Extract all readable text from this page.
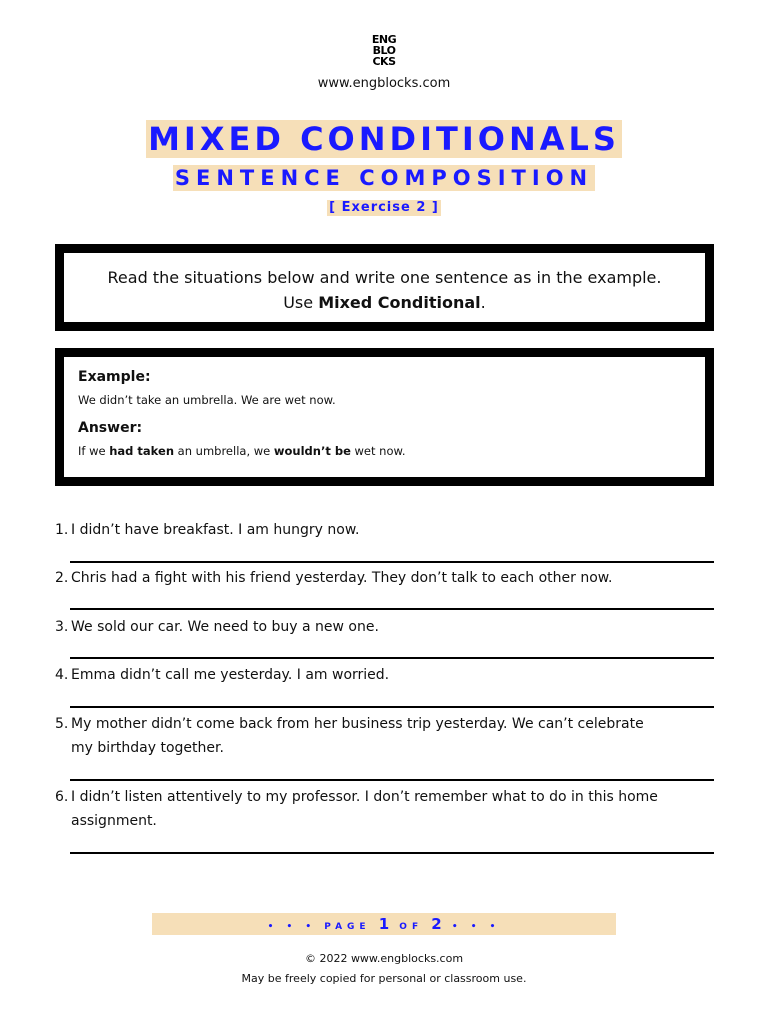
ENG
BLO
CKS
www.engblocks.com
MIXED CONDITIONALS
SENTENCE COMPOSITION
[ Exercise 2 ]
Read the situations below and write one sentence as in the example.
Use Mixed Conditional.
Example:
We didn’t take an umbrella. We are wet now.
Answer:
If we had taken an umbrella, we wouldn’t be wet now.
1. I didn’t have breakfast. I am hungry now.
2. Chris had a fight with his friend yesterday. They don’t talk to each other now.
3. We sold our car. We need to buy a new one.
4. Emma didn’t call me yesterday. I am worried.
5. My mother didn’t come back from her business trip yesterday. We can’t celebrate
my birthday together.
6. I didn’t listen attentively to my professor. I don’t remember what to do in this home
assignment.
• • • PAGE 1 OF 2 • • •
© 2022 www.engblocks.com
May be freely copied for personal or classroom use.
